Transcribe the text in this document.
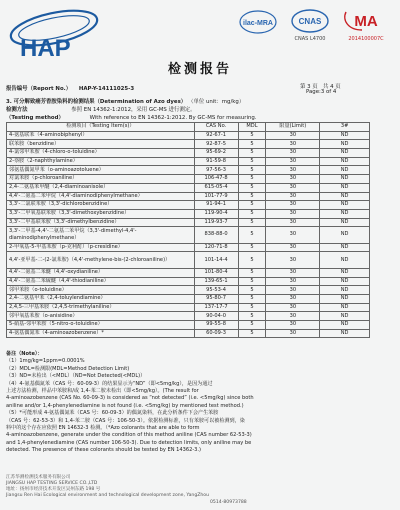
HAP
ilac-MRA	CNAS
CNAS L4700
MA
2014100007C
检测报告
报告编号（Report No.） HAP-Y-14111025-3	第 3 页　共 4 页
Page:3 of 4
3. 可分解致癌芳香胺染料的检测结果（Determination of Azo dyes） （单位 unit：mg/kg）
检测方法	参照 EN 14362-1:2012，采用 GC-MS 进行测定。
（Testing method）	With reference to EN 14362-1:2012. By GC-MS for measuring.
检测项目（Testing Item(s)）	CAS No.	MDL	限量(Limit)	3#
4-氨基联苯（4-aminobiphenyl）	92-67-1	5	30	ND
联苯胺（benzidine）	92-87-5	5	30	ND
4-氯邻甲苯胺（4-chloro-o-toluidine）	95-69-2	5	30	ND
2-萘胺（2-naphthylamine）	91-59-8	5	30	ND
邻氨基偶氮甲苯（o-aminoazotoluene）	97-56-3	5	30	ND
对氯苯胺（p-chloroaniline）	106-47-8	5	30	ND
2,4-二氨基苯甲醚（2,4-diaminoanisole）	615-05-4	5	30	ND
4,4'-二氨基二苯甲烷（4,4'-diaminodiphenylmethane）	101-77-9	5	30	ND
3,3'-二氯联苯胺（3,3'-dichlorobenzidine）	91-94-1	5	30	ND
3,3'-二甲氧基联苯胺（3,3'-dimethoxybenzidine）	119-90-4	5	30	ND
3,3'-二甲基联苯胺（3,3'-dimethylbenzidine）	119-93-7	5	30	ND
3,3'-二甲基-4,4'-二氨基二苯甲烷（3,3'-dimethyl-4,4'-diaminodiphenylmethane）	838-88-0	5	30	ND
2-甲氧基-5-甲基苯胺（p-克利酊）（p-cresidine）	120-71-8	5	30	ND
4,4'-亚甲基-二-(2-氯苯胺)（4,4'-methylene-bis-(2-chloroaniline)）	101-14-4	5	30	ND
4,4'-二氨基二苯醚（4,4'-oxydianiline）	101-80-4	5	30	ND
4,4'-二氨基二苯硫醚（4,4'-thiodianiline）	139-65-1	5	30	ND
邻甲苯胺（o-toluidine）	95-53-4	5	30	ND
2,4-二氨基甲苯（2,4-toluylendiamine）	95-80-7	5	30	ND
2,4,5-三甲基苯胺（2,4,5-trimethylaniline）	137-17-7	5	30	ND
邻甲氧基苯胺（o-anisidine）	90-04-0	5	30	ND
5-硝基-邻甲苯胺（5-nitro-o-toluidine）	99-55-8	5	30	ND
4-氨基偶氮苯（4-aminoazobenzene）*	60-09-3	5	30	ND
备注（Note）：
（1）1mg/kg=1ppm=0.0001%
（2）MDL=检测限(MDL=Method Detection Limit)
（3）ND=未检出（<MDL）（ND=Not Detected(<MDL)）
（4）4-氨基偶氮苯（CAS 号：60-09-3）的结果显示为“ND”（即<5mg/kg），是因为通过
上述方法检测，样品中苯胺和/或 1,4-苯二胺未检出（即<5mg/kg）。(The result for
4-aminoazobenzene (CAS No. 60-09-3) is considered as “not detected” (i.e. <5mg/kg) since both
aniline and/or 1,4-phenylenediamine is not found (i.e. <5mg/kg) by mentioned test method.)
（5）*可能形成 4-氨基偶氮苯（CAS 号：60-09-3）的偶氮染料，在此分析条件下会产生苯胺
（CAS 号：62-53-3）和 1,4-苯二胺（CAS 号：106-50-3）。依据检测标准，只有苯胺可以被检测到，染
料中的这个存在应依照 EN 14632-3 检测。（*Azo colorants that are able to form
4-aminoazobenzene, generate under the condition of this method aniline (CAS number 62-53-3)
and 1,4-phenylenediamine (CAS number 106-50-3). Due to detection limits, only aniline may be
detected. The presence of these colorants should be tested by EN 14362-3.)
江苏华测检测技术服务有限公司
JIANGSU HAP TESTING SERVICE CO.,LTD
地址：扬州市经济技术开发区吴州东路 198 号
Jiangsu Ren Hai Ecological environment and technological development zone, YangZhou
0514-80973788
